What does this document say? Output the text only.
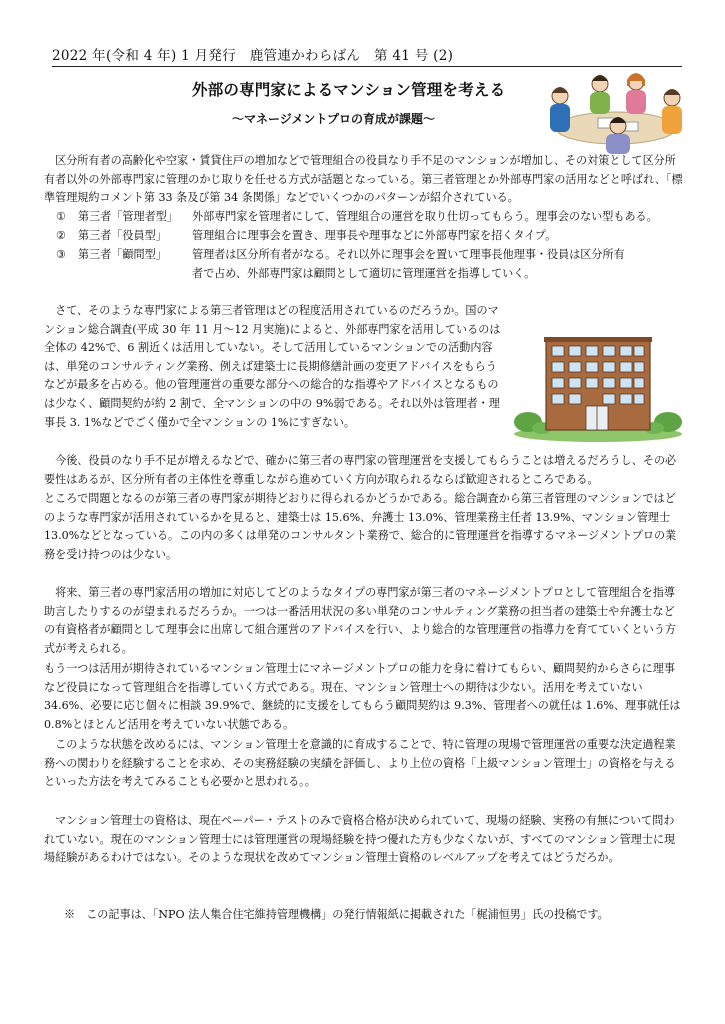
2022 年(令和 4 年) 1 月発行　鹿管連かわらばん　第 41 号 (2)
外部の専門家によるマンション管理を考える
～マネージメントプロの育成が課題～

区分所有者の高齢化や空家・賃貸住戸の増加などで管理組合の役員なり手不足のマンションが増加し、その対策として区分所有者以外の外部専門家に管理のかじ取りを任せる方式が話題となっている。第三者管理とか外部専門家の活用などと呼ばれ、「標準管理規約コメント第 33 条及び第 34 条関係」などでいくつかのパターンが紹介されている。

① 第三者「管理者型」 外部専門家を管理者にして、管理組合の運営を取り仕切ってもらう。理事会のない型もある。
② 第三者「役員型」 管理組合に理事会を置き、理事長や理事などに外部専門家を招くタイプ。
③ 第三者「顧問型」 管理者は区分所有者がなる。それ以外に理事会を置いて理事長他理事・役員は区分所有
者で占め、外部専門家は顧問として適切に管理運営を指導していく。

さて、そのような専門家による第三者管理はどの程度活用されているのだろうか。国のマンション総合調査(平成 30 年 11 月～12 月実施)によると、外部専門家を活用しているのは全体の 42%で、6 割近くは活用していない。そして活用しているマンションでの活動内容は、単発のコンサルティング業務、例えば建築士に長期修繕計画の変更アドバイスをもらうなどが最多を占める。他の管理運営の重要な部分への総合的な指導やアドバイスとなるものは少なく、顧問契約が約 2 割で、全マンションの中の 9%弱である。それ以外は管理者・理事長 3. 1%などでごく僅かで全マンションの 1%にすぎない。

今後、役員のなり手不足が増えるなどで、確かに第三者の専門家の管理運営を支援してもらうことは増えるだろうし、その必要性はあるが、区分所有者の主体性を尊重しながら進めていく方向が取られるならば歓迎されるところである。

ところで問題となるのが第三者の専門家が期待どおりに得られるかどうかである。総合調査から第三者管理のマンションではどのような専門家が活用されているかを見ると、建築士は 15.6%、弁護士 13.0%、管理業務主任者 13.9%、マンション管理士 13.0%などとなっている。この内の多くは単発のコンサルタント業務で、総合的に管理運営を指導するマネージメントプロの業務を受け持つのは少ない。

将来、第三者の専門家活用の増加に対応してどのようなタイプの専門家が第三者のマネージメントプロとして管理組合を指導助言したりするのが望まれるだろうか。一つは一番活用状況の多い単発のコンサルティング業務の担当者の建築士や弁護士などの有資格者が顧問として理事会に出席して組合運営のアドバイスを行い、より総合的な管理運営の指導力を育てていくという方式が考えられる。

もう一つは活用が期待されているマンション管理士にマネージメントプロの能力を身に着けてもらい、顧問契約からさらに理事など役員になって管理組合を指導していく方式である。現在、マンション管理士への期待は少ない。活用を考えていない 34.6%、必要に応じ個々に相談 39.9%で、継続的に支援をしてもらう顧問契約は 9.3%、管理者への就任は 1.6%、理事就任は 0.8%とほとんど活用を考えていない状態である。

このような状態を改めるには、マンション管理士を意識的に育成することで、特に管理の現場で管理運営の重要な決定過程業務への関わりを経験することを求め、その実務経験の実績を評価し、より上位の資格「上級マンション管理士」の資格を与えるといった方法を考えてみることも必要かと思われる。。

マンション管理士の資格は、現在ペーパー・テストのみで資格合格が決められていて、現場の経験、実務の有無について問われていない。現在のマンション管理士には管理運営の現場経験を持つ優れた方も少なくないが、すべてのマンション管理士に現場経験があるわけではない。そのような現状を改めてマンション管理士資格のレベルアップを考えてはどうだろか。

※　この記事は、「NPO 法人集合住宅維持管理機構」の発行情報紙に掲載された「梶浦恒男」氏の投稿です。
